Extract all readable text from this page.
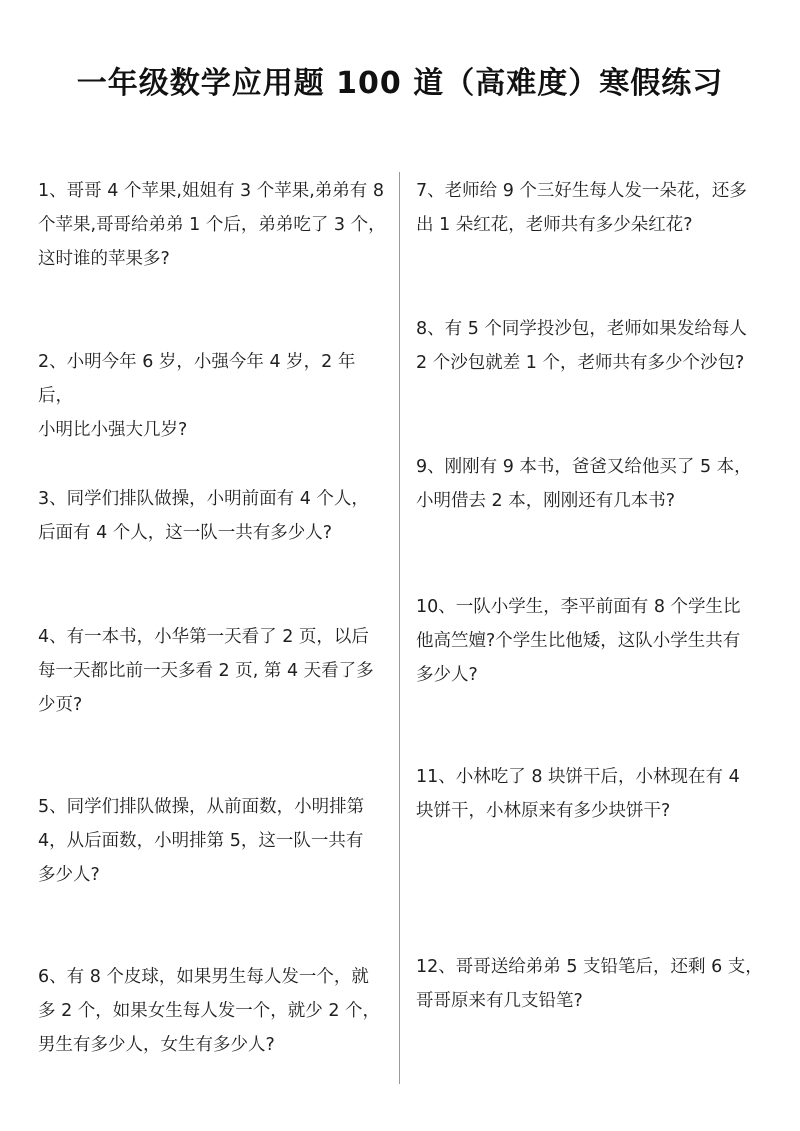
一年级数学应用题 100 道（高难度）寒假练习
1、哥哥 4 个苹果,姐姐有 3 个苹果,弟弟有 8
个苹果,哥哥给弟弟 1 个后，弟弟吃了 3 个，
这时谁的苹果多?
2、小明今年 6 岁，小强今年 4 岁，2 年后，
小明比小强大几岁?
3、同学们排队做操，小明前面有 4 个人，
后面有 4 个人，这一队一共有多少人?
4、有一本书，小华第一天看了 2 页，以后
每一天都比前一天多看 2 页, 第 4 天看了多
少页?
5、同学们排队做操，从前面数，小明排第
4，从后面数，小明排第 5，这一队一共有
多少人?
6、有 8 个皮球，如果男生每人发一个，就
多 2 个，如果女生每人发一个，就少 2 个，
男生有多少人，女生有多少人?
7、老师给 9 个三好生每人发一朵花，还多
出 1 朵红花，老师共有多少朵红花?
8、有 5 个同学投沙包，老师如果发给每人
2 个沙包就差 1 个，老师共有多少个沙包?
9、刚刚有 9 本书，爸爸又给他买了 5 本，
小明借去 2 本，刚刚还有几本书?
10、一队小学生，李平前面有 8 个学生比
他高竺嬗?个学生比他矮，这队小学生共有
多少人?
11、小林吃了 8 块饼干后，小林现在有 4
块饼干，小林原来有多少块饼干?
12、哥哥送给弟弟 5 支铅笔后，还剩 6 支，
哥哥原来有几支铅笔?
